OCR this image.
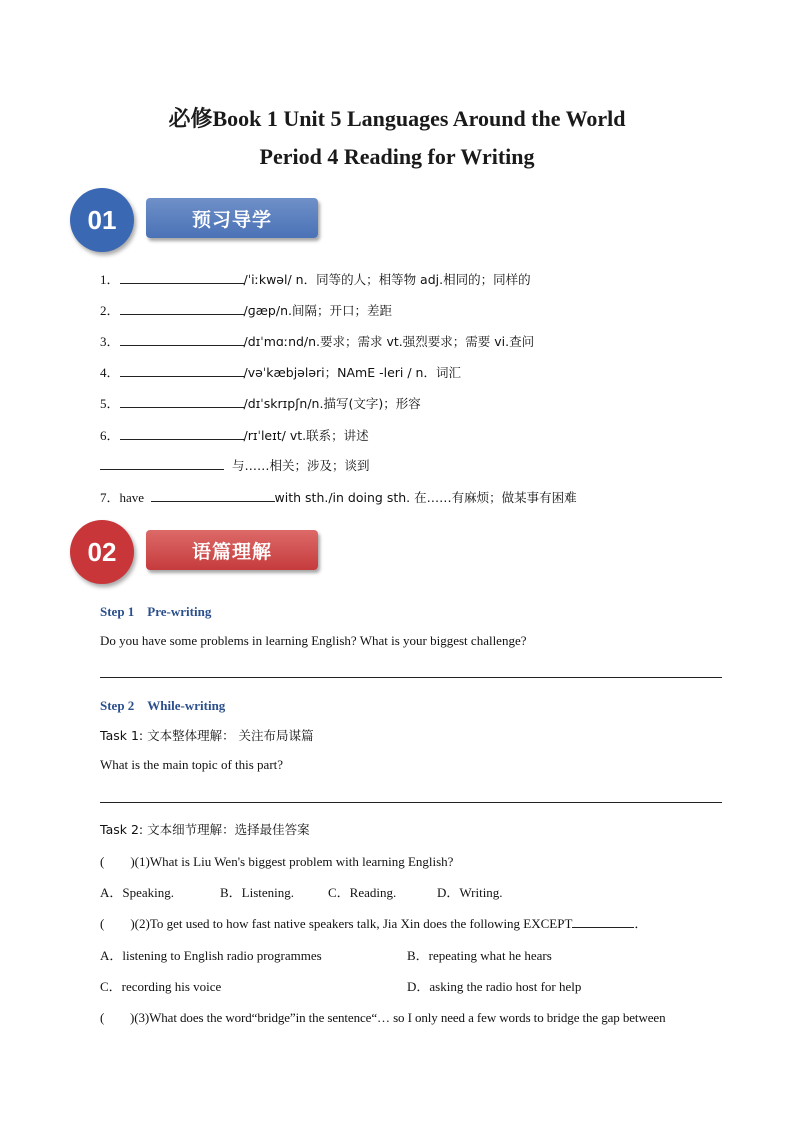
必修Book 1 Unit 5 Languages Around the World
Period 4 Reading for Writing
01	预习导学
1．	/ˈiːkwəl/ n．同等的人；相等物 adj.相同的；同样的
2．	/ɡæp/n.间隔；开口；差距
3．	/dɪˈmɑːnd/n.要求；需求 vt.强烈要求；需要 vi.查问
4．	/vəˈkæbjələri；NAmE -leri / n．词汇
5．	/dɪˈskrɪpʃn/n.描写(文字)；形容
6．	/rɪˈleɪt/ vt.联系；讲述
与……相关；涉及；谈到
7．have	with sth./in doing sth. 在……有麻烦；做某事有困难
02	语篇理解
Step 1　Pre-writing
Do you have some problems in learning English? What is your biggest challenge?
Step 2　While-writing
Task 1: 文本整体理解： 关注布局谋篇
What is the main topic of this part?
Task 2: 文本细节理解：选择最佳答案
(　　)(1)What is Liu Wen's biggest problem with learning English?
A．Speaking.	B．Listening.	C．Reading.	D．Writing.
(　　)(2)To get used to how fast native speakers talk, Jia Xin does the following EXCEPT	．
A．listening to English radio programmes	B．repeating what he hears
C．recording his voice	D．asking the radio host for help
(　　)(3)What does the word“bridge”in the sentence“… so I only need a few words to bridge the gap between
